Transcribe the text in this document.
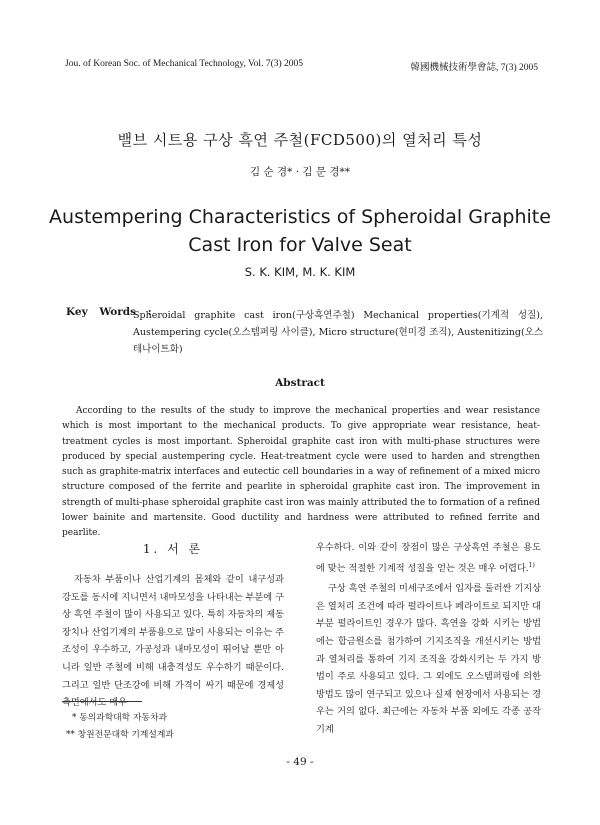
Jou. of Korean Soc. of Mechanical Technology, Vol. 7(3) 2005	韓國機械技術學會誌, 7(3) 2005
밸브 시트용 구상 흑연 주철(FCD500)의 열처리 특성
김 순 경* · 김 문 경**
Austempering Characteristics of Spheroidal Graphite
Cast Iron for Valve Seat
S. K. KIM, M. K. KIM
Key Words :
Spheroidal graphite cast iron(구상흑연주철) Mechanical properties(기계적 성질), Austempering cycle(오스템퍼링 사이클), Micro structure(현미경 조직), Austenitizing(오스테나이트화)
Abstract
According to the results of the study to improve the mechanical properties and wear resistance which is most important to the mechanical products. To give appropriate wear resistance, heat-treatment cycles is most important. Spheroidal graphite cast iron with multi-phase structures were produced by special austempering cycle. Heat-treatment cycle were used to harden and strengthen such as graphite-matrix interfaces and eutectic cell boundaries in a way of refinement of a mixed micro structure composed of the ferrite and pearlite in spheroidal graphite cast iron. The improvement in strength of multi-phase spheroidal graphite cast iron was mainly attributed the to formation of a refined lower bainite and martensite. Good ductility and hardness were attributed to refined ferrite and pearlite.
1. 서 론
자동차 부품이나 산업기계의 몸체와 같이 내구성과 강도를 동시에 지니면서 내마모성을 나타내는 부분에 구상 흑연 주철이 많이 사용되고 있다. 특히 자동차의 제동장치나 산업기계의 부품용으로 많이 사용되는 이유는 주조성이 우수하고, 가공성과 내마모성이 뛰어날 뿐만 아니라 일반 주철에 비해 내충격성도 우수하기 때문이다. 그리고 일반 단조강에 비해 가격이 싸기 때문에 경제성 측면에서도 매우

우수하다. 이와 같이 장점이 많은 구상흑연 주철은 용도에 맞는 적절한 기계적 성질을 얻는 것은 매우 어렵다.$^{1)}$

구상 흑연 주철의 미세구조에서 입자를 둘러싼 기지상은 열처리 조건에 따라 펄라이트나 페라이트로 되지만 대부분 펄라이트인 경우가 많다. 흑연을 강화 시키는 방법에는 합금원소를 첨가하여 기지조직을 개선시키는 방법과 열처리를 통하여 기지 조직을 강화시키는 두 가지 방법이 주로 사용되고 있다. 그 외에도 오스템퍼링에 의한 방법도 많이 연구되고 있으나 실제 현장에서 사용되는 경우는 거의 없다. 최근에는 자동차 부품 외에도 각종 공작기계

* 동의과학대학 자동차과
** 창원전문대학 기계설계과
- 49 -
